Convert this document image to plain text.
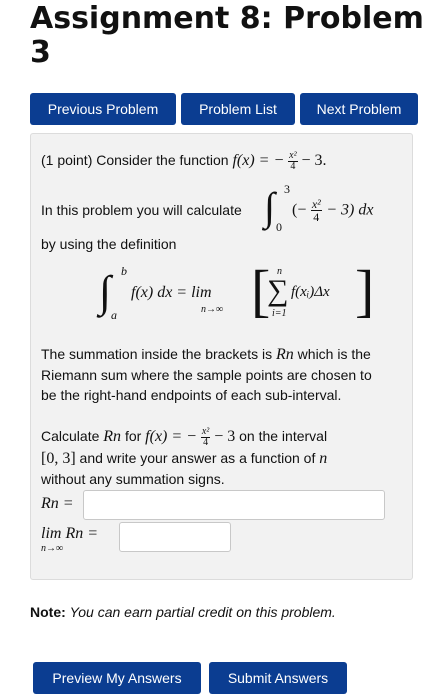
Assignment 8: Problem 3
Previous Problem	Problem List	Next Problem
(1 point) Consider the function f(x) = − $\frac{\text{x²}}{4} - 3$.
In this problem you will calculate ∫ 3
0
(− $\frac{\text{x²}}{4} - 3$) dx
by using the definition
∫ b
a
f(x) dx = lim
n→∞ [ n
∑
i=1
f(xᵢ)Δx ]
The summation inside the brackets is Rn which is the
Riemann sum where the sample points are chosen to
be the right-hand endpoints of each sub-interval.
Calculate Rn for f(x) = − $\frac{\text{x²}}{4} - 3$ on the interval
[0, 3] and write your answer as a function of n
without any summation signs.
Rn =
lim Rn =
n→∞
Note: You can earn partial credit on this problem.
Preview My Answers	Submit Answers
